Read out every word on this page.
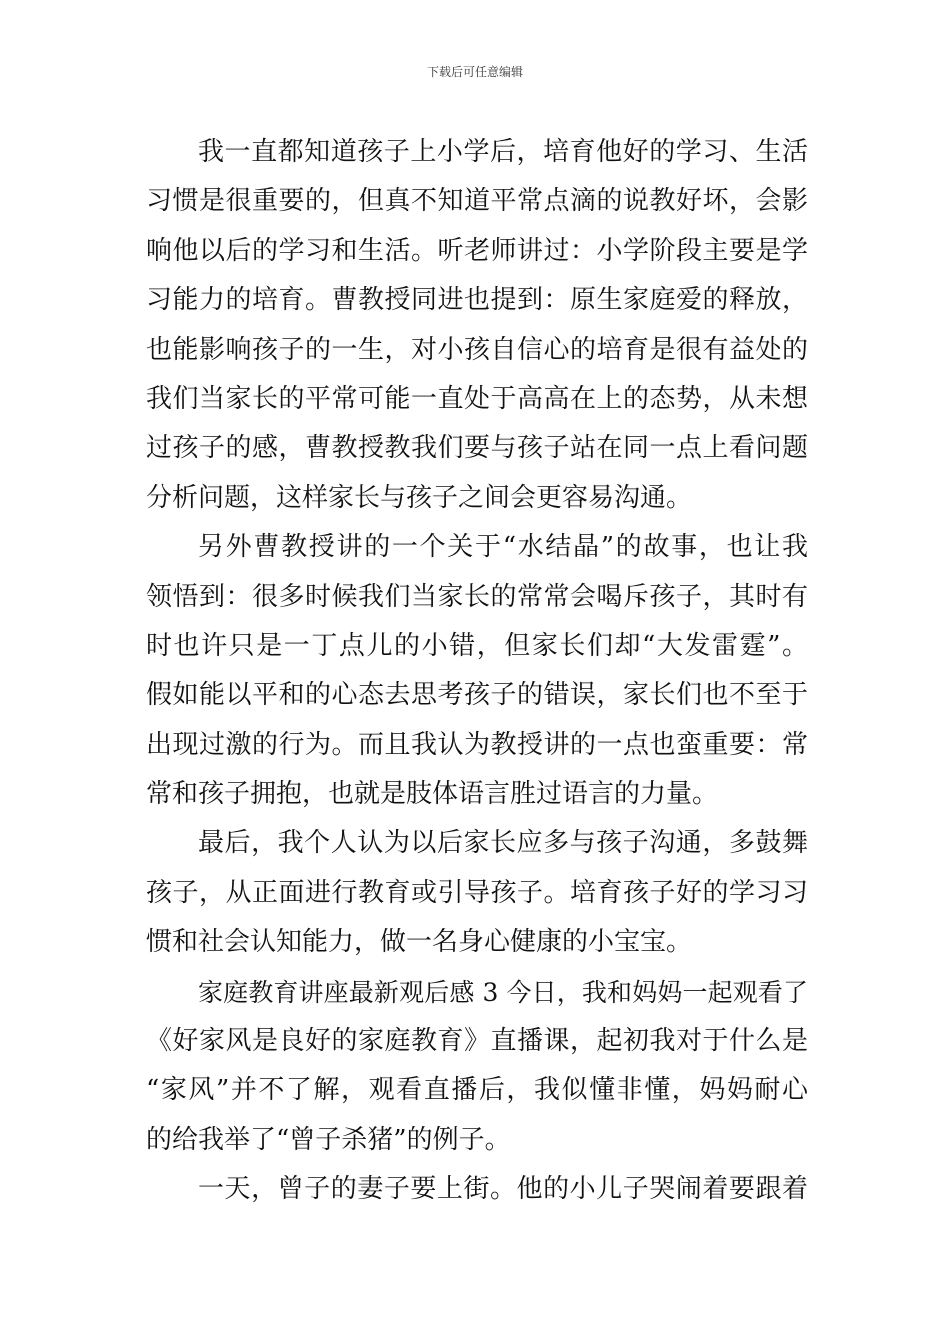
下载后可任意编辑
我一直都知道孩子上小学后，培育他好的学习、生活
习惯是很重要的，但真不知道平常点滴的说教好坏，会影
响他以后的学习和生活。听老师讲过：小学阶段主要是学
习能力的培育。曹教授同进也提到：原生家庭爱的释放，
也能影响孩子的一生，对小孩自信心的培育是很有益处的
我们当家长的平常可能一直处于高高在上的态势，从未想
过孩子的感，曹教授教我们要与孩子站在同一点上看问题
分析问题，这样家长与孩子之间会更容易沟通。
另外曹教授讲的一个关于“水结晶”的故事，也让我
领悟到：很多时候我们当家长的常常会喝斥孩子，其时有
时也许只是一丁点儿的小错，但家长们却“大发雷霆”。
假如能以平和的心态去思考孩子的错误，家长们也不至于
出现过激的行为。而且我认为教授讲的一点也蛮重要：常
常和孩子拥抱，也就是肢体语言胜过语言的力量。
最后，我个人认为以后家长应多与孩子沟通，多鼓舞
孩子，从正面进行教育或引导孩子。培育孩子好的学习习
惯和社会认知能力，做一名身心健康的小宝宝。
家庭教育讲座最新观后感 3 今日，我和妈妈一起观看了
《好家风是良好的家庭教育》直播课，起初我对于什么是
“家风”并不了解，观看直播后，我似懂非懂，妈妈耐心
的给我举了“曾子杀猪”的例子。
一天，曾子的妻子要上街。他的小儿子哭闹着要跟着
